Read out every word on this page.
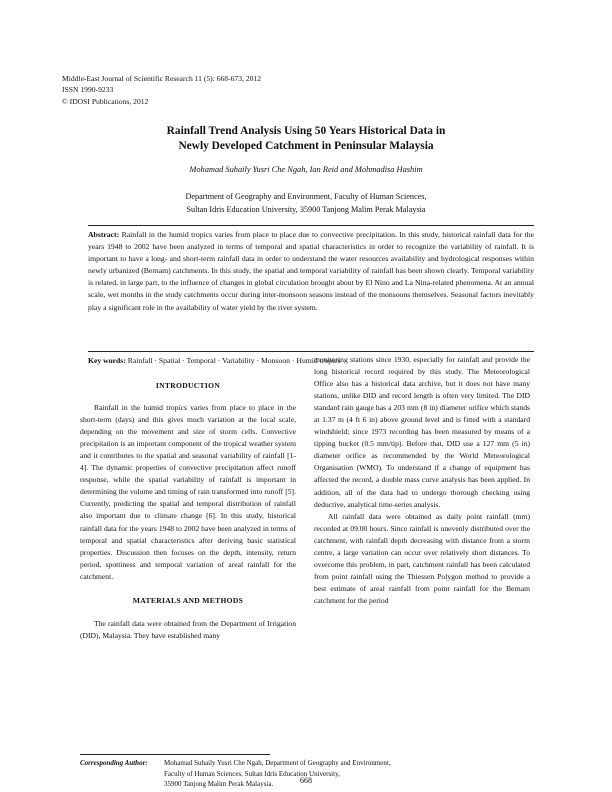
Middle-East Journal of Scientific Research 11 (5): 668-673, 2012
ISSN 1990-9233
© IDOSI Publications, 2012
Rainfall Trend Analysis Using 50 Years Historical Data in
Newly Developed Catchment in Peninsular Malaysia
Mohamad Suhaily Yusri Che Ngah, Ian Reid and Mohmadisa Hashim
Department of Geography and Environment, Faculty of Human Sciences,
Sultan Idris Education University, 35900 Tanjong Malim Perak Malaysia
Abstract: Rainfall in the humid tropics varies from place to place due to convective precipitation. In this study, historical rainfall data for the years 1948 to 2002 have been analyzed in terms of temporal and spatial characteristics in order to recognize the variability of rainfall. It is important to have a long- and short-term rainfall data in order to understand the water resources availability and hydrological responses within newly urbanized (Bernam) catchments. In this study, the spatial and temporal variability of rainfall has been shown clearly. Temporal variability is related, in large part, to the influence of changes in global circulation brought about by El Nino and La Nina-related phenomena. At an annual scale, wet months in the study catchments occur during inter-monsoon seasons instead of the monsoons themselves. Seasonal factors inevitably play a significant role in the availability of water yield by the river system.
Key words: Rainfall · Spatial · Temporal · Variability · Monsoon · Humid tropics

INTRODUCTION

Rainfall in the humid tropics varies from place to place in the short-term (days) and this gives much variation at the local scale, depending on the movement and size of storm cells. Convective precipitation is an important component of the tropical weather system and it contributes to the spatial and seasonal variability of rainfall [1-4]. The dynamic properties of convective precipitation affect runoff response, while the spatial variability of rainfall is important in determining the volume and timing of rain transformed into runoff [5]. Currently, predicting the spatial and temporal distribution of rainfall also important due to climate change [6]. In this study, historical rainfall data for the years 1948 to 2002 have been analyzed in terms of temporal and spatial characteristics after deriving basic statistical properties. Discussion then focuses on the depth, intensity, return period, spottiness and temporal variation of areal rainfall for the catchment.

MATERIALS AND METHODS

The rainfall data were obtained from the Department of Irrigation (DID), Malaysia. They have established many

monitoring stations since 1930, especially for rainfall and provide the long historical record required by this study. The Meteorological Office also has a historical data archive, but it does not have many stations, unlike DID and record length is often very limited. The DID standard rain gauge has a 203 mm (8 in) diameter orifice which stands at 1.37 m (4 ft 6 in) above ground level and is fitted with a standard windshield; since 1973 recording has been measured by means of a tipping bucket (0.5 mm/tip). Before that, DID use a 127 mm (5 in) diameter orifice as recommended by the World Meteorological Organisation (WMO). To understand if a change of equipment has affected the record, a double mass curve analysis has been applied. In addition, all of the data had to undergo thorough checking using deductive, analytical time-series analysis.

All rainfall data were obtained as daily point rainfall (mm) recorded at 09.00 hours. Since rainfall is unevenly distributed over the catchment, with rainfall depth decreasing with distance from a storm centre, a large variation can occur over relatively short distances. To overcome this problem, in part, catchment rainfall has been calculated from point rainfall using the Thiessen Polygon method to provide a best estimate of areal rainfall from point rainfall for the Bernam catchment for the period

Corresponding Author:	Mohamad Suhaily Yusri Che Ngah, Department of Geography and Environment,
Faculty of Human Sciences, Sultan Idris Education University,
35900 Tanjong Malim Perak Malaysia.	668
